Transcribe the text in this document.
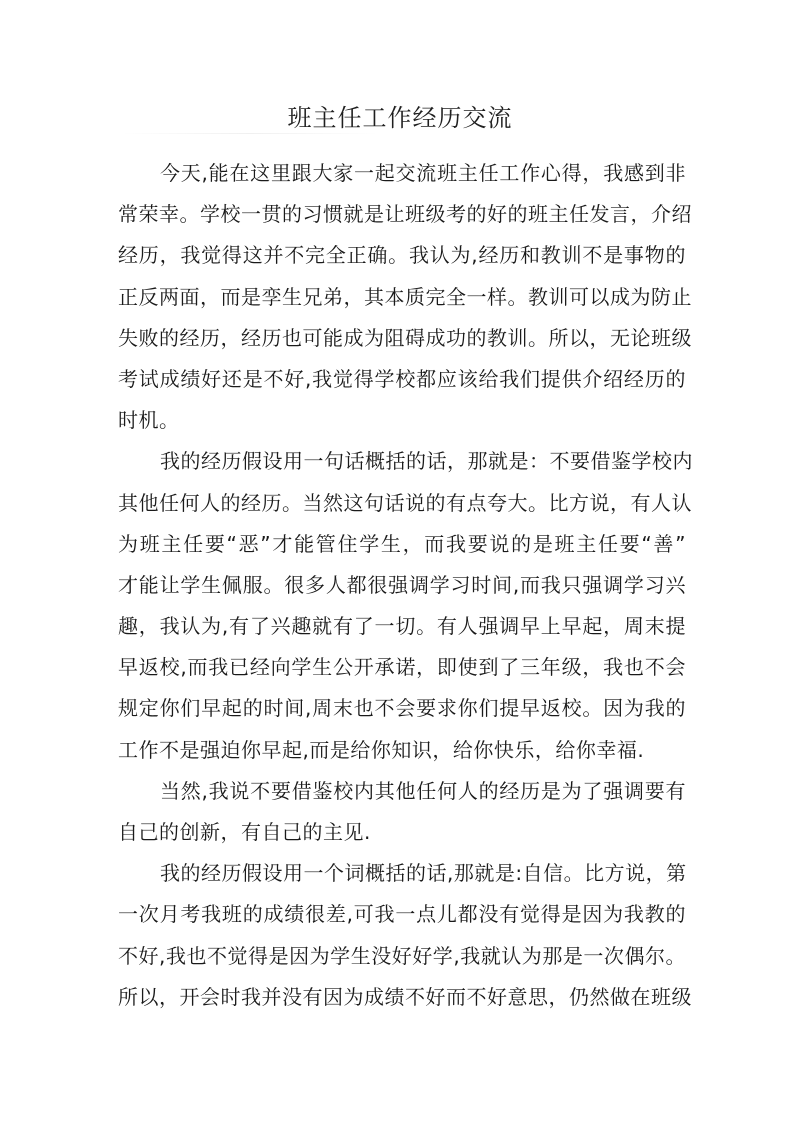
班主任工作经历交流
今天,能在这里跟大家一起交流班主任工作心得，我感到非
常荣幸。学校一贯的习惯就是让班级考的好的班主任发言，介绍
经历，我觉得这并不完全正确。我认为,经历和教训不是事物的
正反两面，而是孪生兄弟，其本质完全一样。教训可以成为防止
失败的经历，经历也可能成为阻碍成功的教训。所以，无论班级
考试成绩好还是不好,我觉得学校都应该给我们提供介绍经历的
时机。
我的经历假设用一句话概括的话，那就是：不要借鉴学校内
其他任何人的经历。当然这句话说的有点夸大。比方说，有人认
为班主任要“恶”才能管住学生，而我要说的是班主任要“善”
才能让学生佩服。很多人都很强调学习时间,而我只强调学习兴
趣，我认为,有了兴趣就有了一切。有人强调早上早起，周末提
早返校,而我已经向学生公开承诺，即使到了三年级，我也不会
规定你们早起的时间,周末也不会要求你们提早返校。因为我的
工作不是强迫你早起,而是给你知识，给你快乐，给你幸福.
当然,我说不要借鉴校内其他任何人的经历是为了强调要有
自己的创新，有自己的主见.
我的经历假设用一个词概括的话,那就是:自信。比方说，第
一次月考我班的成绩很差,可我一点儿都没有觉得是因为我教的
不好,我也不觉得是因为学生没好好学,我就认为那是一次偶尔。
所以，开会时我并没有因为成绩不好而不好意思，仍然做在班级
